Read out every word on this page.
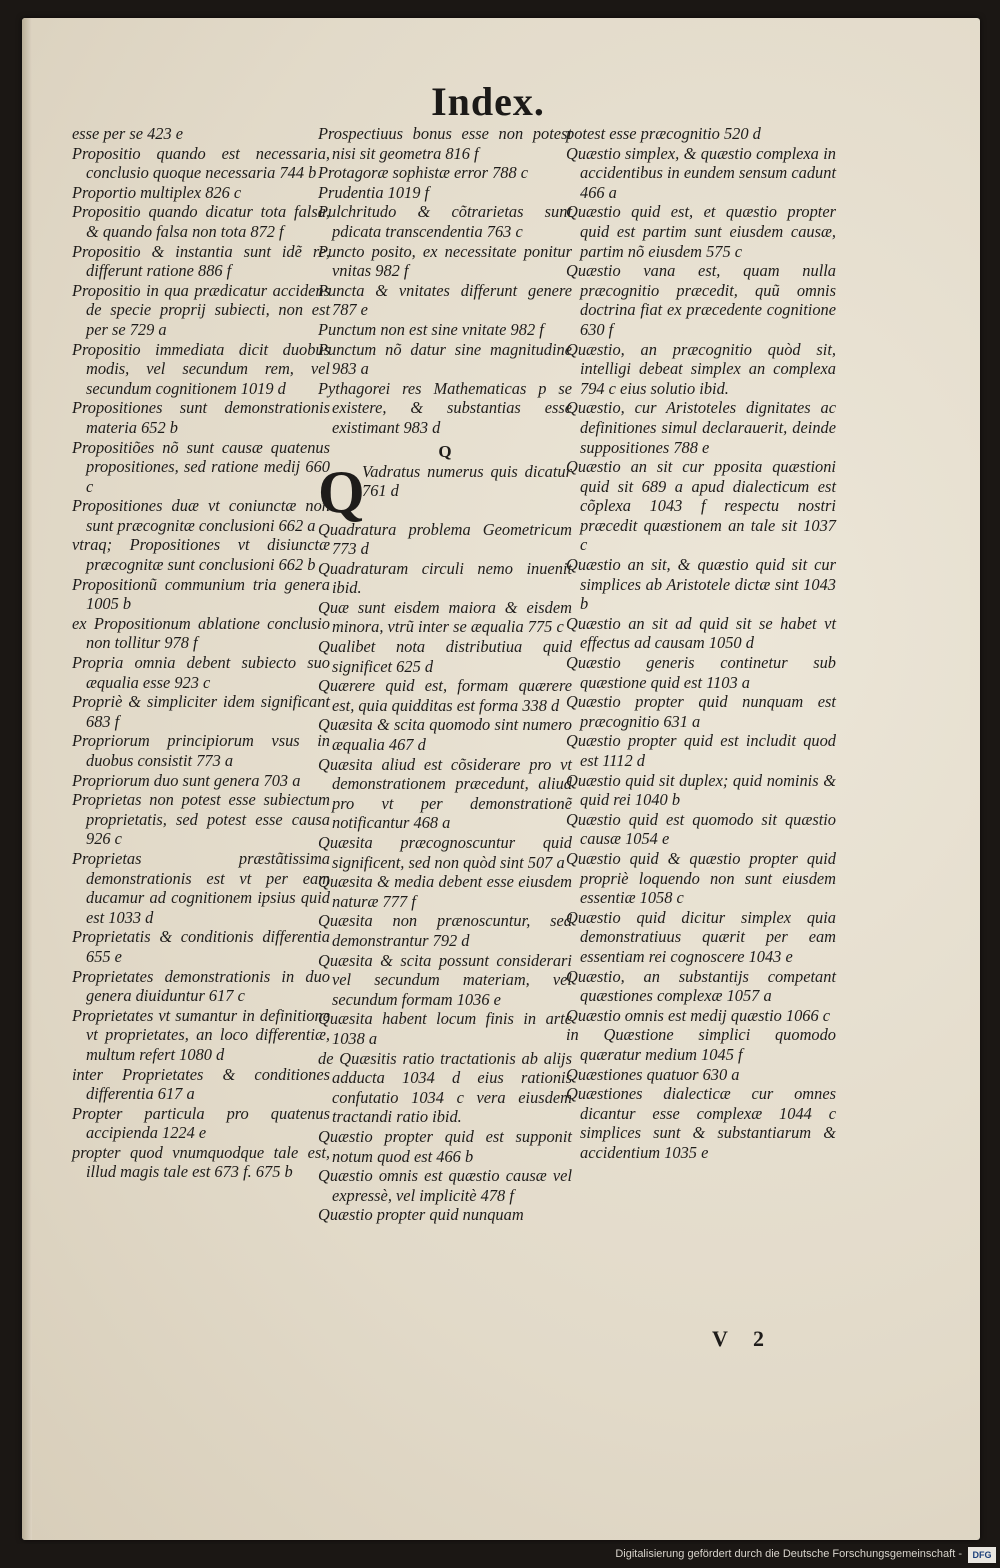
Index.

esse per se 423 e

Propositio quando est necessaria, conclusio quoque necessaria 744 b

Proportio multiplex 826 c

Propositio quando dicatur tota falsa, & quando falsa non tota 872 f

Propositio & instantia sunt idẽ re, differunt ratione 886 f

Propositio in qua prædicatur accidens de specie proprij subiecti, non est per se 729 a

Propositio immediata dicit duobus modis, vel secundum rem, vel secundum cognitionem 1019 d

Propositiones sunt demonstrationis materia 652 b

Propositiões nõ sunt causæ quatenus propositiones, sed ratione medij 660 c

Propositiones duæ vt coniunctæ non sunt præcognitæ conclusioni 662 a

vtraq; Propositiones vt disiunctæ præcognitæ sunt conclusioni 662 b

Propositionũ communium tria genera 1005 b

ex Propositionum ablatione conclusio non tollitur 978 f

Propria omnia debent subiecto suo æqualia esse 923 c

Propriè & simpliciter idem significant 683 f

Propriorum principiorum vsus in duobus consistit 773 a

Propriorum duo sunt genera 703 a

Proprietas non potest esse subiectum proprietatis, sed potest esse causa 926 c

Proprietas præstãtissima demonstrationis est vt per eam ducamur ad cognitionem ipsius quid est 1033 d

Proprietatis & conditionis differentia 655 e

Proprietates demonstrationis in duo genera diuiduntur 617 c

Proprietates vt sumantur in definitione vt proprietates, an loco differentiæ, multum refert 1080 d

inter Proprietates & conditiones differentia 617 a

Propter particula pro quatenus accipienda 1224 e

propter quod vnumquodque tale est, illud magis tale est 673 f. 675 b

Prospectiuus bonus esse non potest nisi sit geometra 816 f

Protagoræ sophistæ error 788 c

Prudentia 1019 f

Pulchritudo & cõtrarietas sunt pdicata transcendentia 763 c

Puncto posito, ex necessitate ponitur vnitas 982 f

Puncta & vnitates differunt genere 787 e

Punctum non est sine vnitate 982 f

Punctum nõ datur sine magnitudine 983 a

Pythagorei res Mathematicas p se existere, & substantias esse existimant 983 d

Q

Q
Vadratus numerus quis dicatur 761 d

Quadratura problema Geometricum 773 d

Quadraturam circuli nemo inuenit ibid.

Quæ sunt eisdem maiora & eisdem minora, vtrũ inter se æqualia 775 c

Qualibet nota distributiua quid significet 625 d

Quærere quid est, formam quærere est, quia quidditas est forma 338 d

Quæsita & scita quomodo sint numero æqualia 467 d

Quæsita aliud est cõsiderare pro vt demonstrationem præcedunt, aliud pro vt per demonstrationẽ notificantur 468 a

Quæsita præcognoscuntur quid significent, sed non quòd sint 507 a

Quæsita & media debent esse eiusdem naturæ 777 f

Quæsita non prænoscuntur, sed demonstrantur 792 d

Quæsita & scita possunt considerari vel secundum materiam, vel secundum formam 1036 e

Quæsita habent locum finis in arte 1038 a

de Quæsitis ratio tractationis ab alijs adducta 1034 d eius rationis confutatio 1034 c vera eiusdem tractandi ratio ibid.

Quæstio propter quid est supponit notum quod est 466 b

Quæstio omnis est quæstio causæ vel expressè, vel implicitè 478 f

Quæstio propter quid nunquam

potest esse præcognitio 520 d

Quæstio simplex, & quæstio complexa in accidentibus in eundem sensum cadunt 466 a

Quæstio quid est, et quæstio propter quid est partim sunt eiusdem causæ, partim nõ eiusdem 575 c

Quæstio vana est, quam nulla præcognitio præcedit, quũ omnis doctrina fiat ex præcedente cognitione 630 f

Quæstio, an præcognitio quòd sit, intelligi debeat simplex an complexa 794 c eius solutio ibid.

Quæstio, cur Aristoteles dignitates ac definitiones simul declarauerit, deinde suppositiones 788 e

Quæstio an sit cur pposita quæstioni quid sit 689 a apud dialecticum est cõplexa 1043 f respectu nostri præcedit quæstionem an tale sit 1037 c

Quæstio an sit, & quæstio quid sit cur simplices ab Aristotele dictæ sint 1043 b

Quæstio an sit ad quid sit se habet vt effectus ad causam 1050 d

Quæstio generis continetur sub quæstione quid est 1103 a

Quæstio propter quid nunquam est præcognitio 631 a

Quæstio propter quid est includit quod est 1112 d

Quæstio quid sit duplex; quid nominis & quid rei 1040 b

Quæstio quid est quomodo sit quæstio causæ 1054 e

Quæstio quid & quæstio propter quid propriè loquendo non sunt eiusdem essentiæ 1058 c

Quæstio quid dicitur simplex quia demonstratiuus quærit per eam essentiam rei cognoscere 1043 e

Quæstio, an substantijs competant quæstiones complexæ 1057 a

Quæstio omnis est medij quæstio 1066 c

in Quæstione simplici quomodo quæratur medium 1045 f

Quæstiones quatuor 630 a

Quæstiones dialecticæ cur omnes dicantur esse complexæ 1044 c simplices sunt & substantiarum & accidentium 1035 e

V 2
Digitalisierung gefördert durch die Deutsche Forschungsgemeinschaft -	DFG
